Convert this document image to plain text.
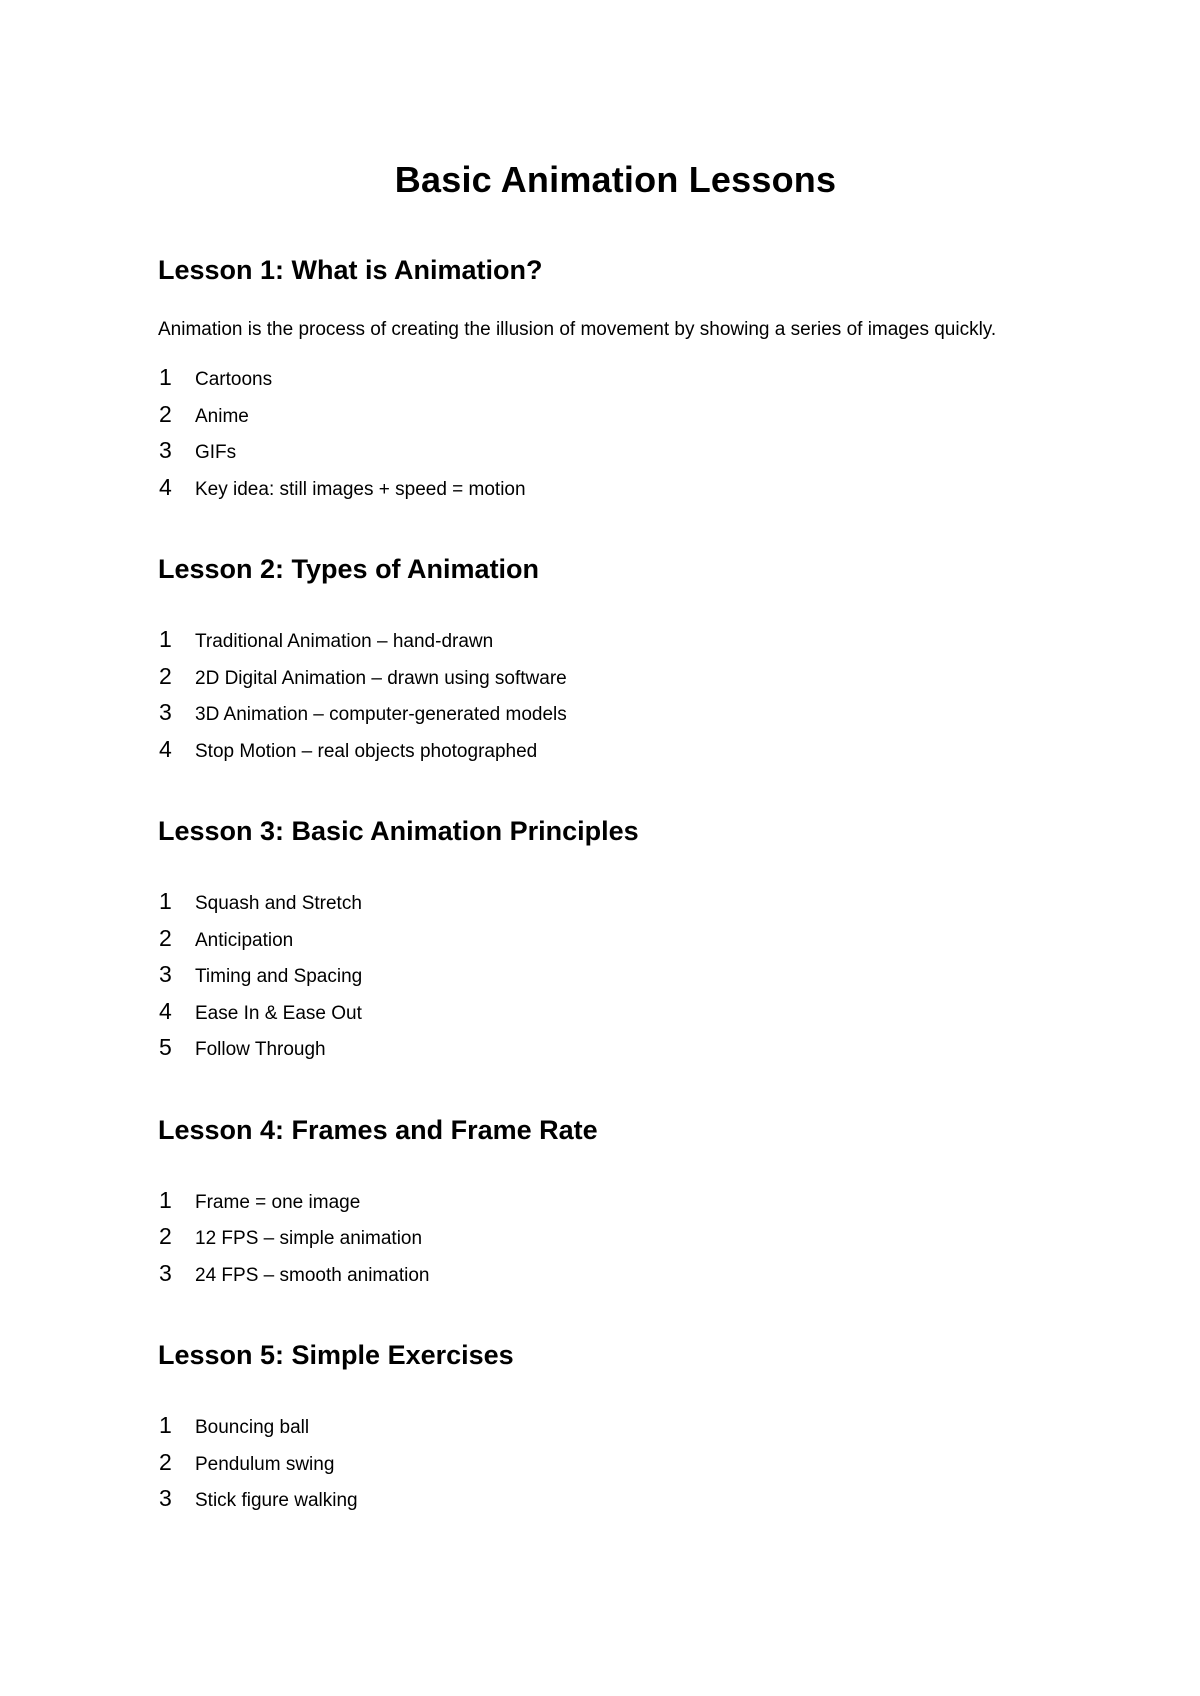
Basic Animation Lessons
Lesson 1: What is Animation?

Animation is the process of creating the illusion of movement by showing a series of images quickly.

1	Cartoons
2	Anime
3	GIFs
4	Key idea: still images + speed = motion
Lesson 2: Types of Animation
1	Traditional Animation – hand-drawn
2	2D Digital Animation – drawn using software
3	3D Animation – computer-generated models
4	Stop Motion – real objects photographed
Lesson 3: Basic Animation Principles
1	Squash and Stretch
2	Anticipation
3	Timing and Spacing
4	Ease In & Ease Out
5	Follow Through
Lesson 4: Frames and Frame Rate
1	Frame = one image
2	12 FPS – simple animation
3	24 FPS – smooth animation
Lesson 5: Simple Exercises
1	Bouncing ball
2	Pendulum swing
3	Stick figure walking
